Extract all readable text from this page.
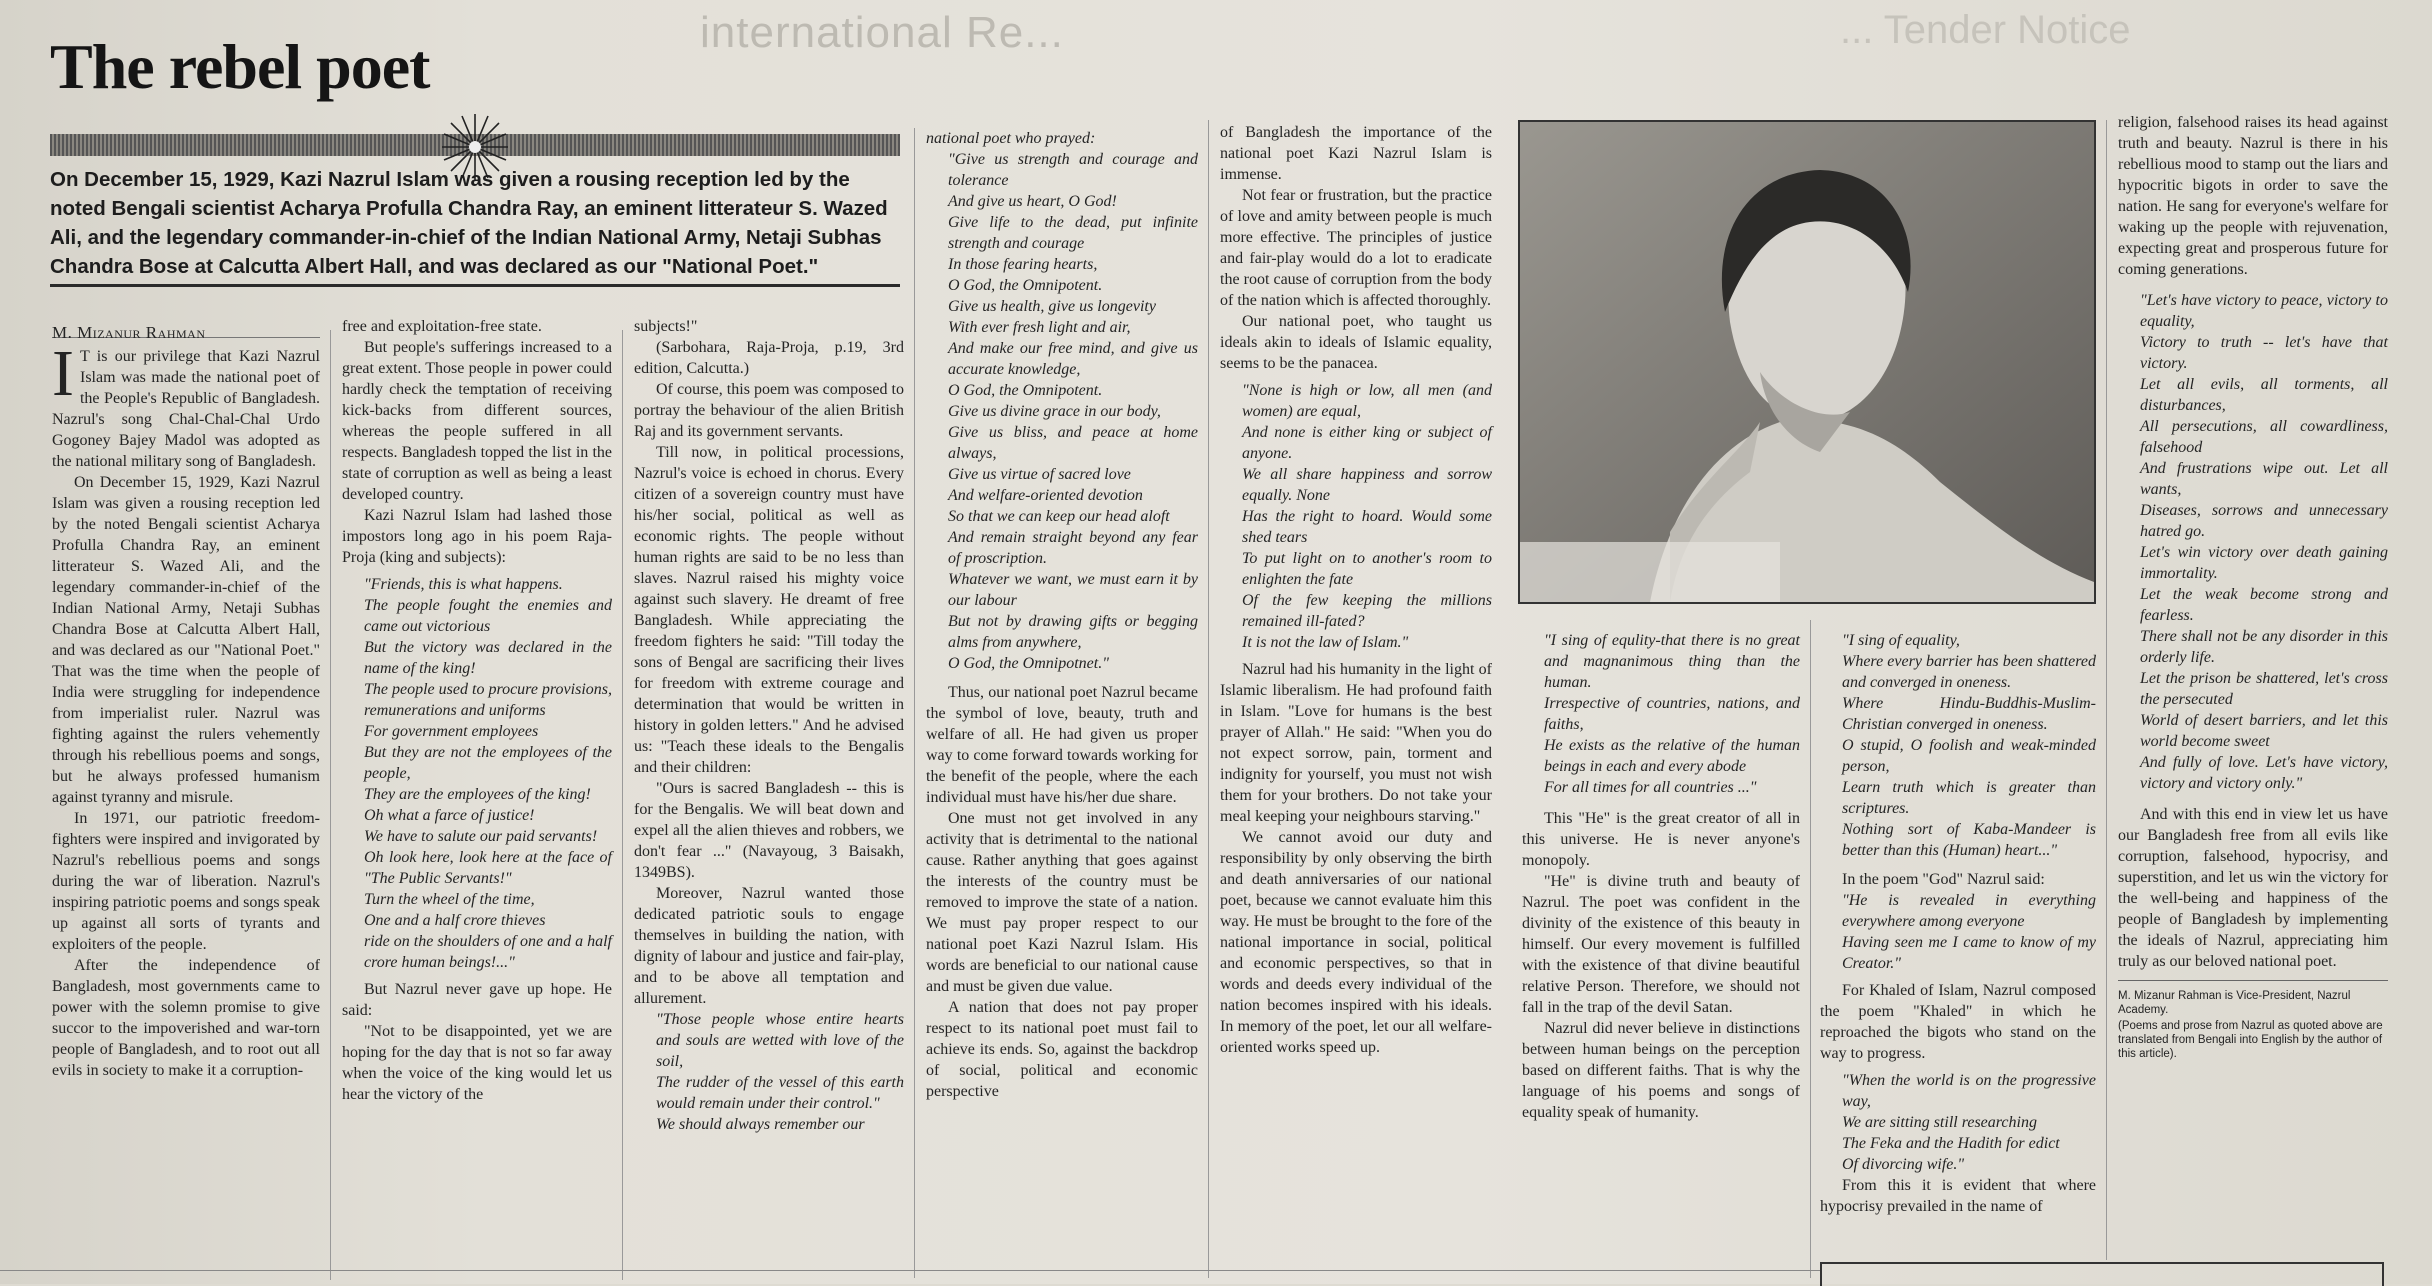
international Re...	... Tender Notice
The rebel poet
On December 15, 1929, Kazi Nazrul Islam was given a rousing reception led by the noted Bengali scientist Acharya Profulla Chandra Ray, an eminent litterateur S. Wazed Ali, and the legendary commander-in-chief of the Indian National Army, Netaji Subhas Chandra Bose at Calcutta Albert Hall, and was declared as our "National Poet."

M. Mizanur Rahman

I T is our privilege that Kazi Nazrul Islam was made the national poet of the People's Republic of Bangladesh. Nazrul's song Chal-Chal-Chal Urdo Gogoney Bajey Madol was adopted as the national military song of Bangladesh.

On December 15, 1929, Kazi Nazrul Islam was given a rousing reception led by the noted Bengali scientist Acharya Profulla Chandra Ray, an eminent litterateur S. Wazed Ali, and the legendary commander-in-chief of the Indian National Army, Netaji Subhas Chandra Bose at Calcutta Albert Hall, and was declared as our "National Poet." That was the time when the people of India were struggling for independence from imperialist ruler. Nazrul was fighting against the rulers vehemently through his rebellious poems and songs, but he always professed humanism against tyranny and misrule.

In 1971, our patriotic freedom-fighters were inspired and invigorated by Nazrul's rebellious poems and songs during the war of liberation. Nazrul's inspiring patriotic poems and songs speak up against all sorts of tyrants and exploiters of the people.

After the independence of Bangladesh, most governments came to power with the solemn promise to give succor to the impoverished and war-torn people of Bangladesh, and to root out all evils in society to make it a corruption-

free and exploitation-free state.

But people's sufferings increased to a great extent. Those people in power could hardly check the temptation of receiving kick-backs from different sources, whereas the people suffered in all respects. Bangladesh topped the list in the state of corruption as well as being a least developed country.

Kazi Nazrul Islam had lashed those impostors long ago in his poem Raja-Proja (king and subjects):

"Friends, this is what happens.

The people fought the enemies and came out victorious

But the victory was declared in the name of the king!

The people used to procure provisions, remunerations and uniforms

For government employees

But they are not the employees of the people,

They are the employees of the king!

Oh what a farce of justice!

We have to salute our paid servants!

Oh look here, look here at the face of "The Public Servants!"

Turn the wheel of the time,

One and a half crore thieves

ride on the shoulders of one and a half crore human beings!..."

But Nazrul never gave up hope. He said:

"Not to be disappointed, yet we are hoping for the day that is not so far away when the voice of the king would let us hear the victory of the

subjects!"

(Sarbohara, Raja-Proja, p.19, 3rd edition, Calcutta.)

Of course, this poem was composed to portray the behaviour of the alien British Raj and its government servants.

Till now, in political processions, Nazrul's voice is echoed in chorus. Every citizen of a sovereign country must have his/her social, political as well as economic rights. The people without human rights are said to be no less than slaves. Nazrul raised his mighty voice against such slavery. He dreamt of free Bangladesh. While appreciating the freedom fighters he said: "Till today the sons of Bengal are sacrificing their lives for freedom with extreme courage and determination that would be written in history in golden letters." And he advised us: "Teach these ideals to the Bengalis and their children:

"Ours is sacred Bangladesh -- this is for the Bengalis. We will beat down and expel all the alien thieves and robbers, we don't fear ..." (Navayoug, 3 Baisakh, 1349BS).

Moreover, Nazrul wanted those dedicated patriotic souls to engage themselves in building the nation, with dignity of labour and justice and fair-play, and to be above all temptation and allurement.

"Those people whose entire hearts and souls are wetted with love of the soil,

The rudder of the vessel of this earth would remain under their control."

We should always remember our

national poet who prayed:

"Give us strength and courage and tolerance

And give us heart, O God!

Give life to the dead, put infinite strength and courage

In those fearing hearts,

O God, the Omnipotent.

Give us health, give us longevity

With ever fresh light and air,

And make our free mind, and give us accurate knowledge,

O God, the Omnipotent.

Give us divine grace in our body,

Give us bliss, and peace at home always,

Give us virtue of sacred love

And welfare-oriented devotion

So that we can keep our head aloft

And remain straight beyond any fear of proscription.

Whatever we want, we must earn it by our labour

But not by drawing gifts or begging alms from anywhere,

O God, the Omnipotnet."

Thus, our national poet Nazrul became the symbol of love, beauty, truth and welfare of all. He had given us proper way to come forward towards working for the benefit of the people, where the each individual must have his/her due share.

One must not get involved in any activity that is detrimental to the national cause. Rather anything that goes against the interests of the country must be removed to improve the state of a nation. We must pay proper respect to our national poet Kazi Nazrul Islam. His words are beneficial to our national cause and must be given due value.

A nation that does not pay proper respect to its national poet must fail to achieve its ends. So, against the backdrop of social, political and economic perspective

of Bangladesh the importance of the national poet Kazi Nazrul Islam is immense.

Not fear or frustration, but the practice of love and amity between people is much more effective. The principles of justice and fair-play would do a lot to eradicate the root cause of corruption from the body of the nation which is affected thoroughly.

Our national poet, who taught us ideals akin to ideals of Islamic equality, seems to be the panacea.

"None is high or low, all men (and women) are equal,

And none is either king or subject of anyone.

We all share happiness and sorrow equally. None

Has the right to hoard. Would some shed tears

To put light on to another's room to enlighten the fate

Of the few keeping the millions remained ill-fated?

It is not the law of Islam."

Nazrul had his humanity in the light of Islamic liberalism. He had profound faith in Islam. "Love for humans is the best prayer of Allah." He said: "When you do not expect sorrow, pain, torment and indignity for yourself, you must not wish them for your brothers. Do not take your meal keeping your neighbours starving."

We cannot avoid our duty and responsibility by only observing the birth and death anniversaries of our national poet, because we cannot evaluate him this way. He must be brought to the fore of the national importance in social, political and economic perspectives, so that in words and deeds every individual of the nation becomes inspired with his ideals. In memory of the poet, let our all welfare-oriented works speed up.

"I sing of equlity-that there is no great and magnanimous thing than the human.

Irrespective of countries, nations, and faiths,

He exists as the relative of the human beings in each and every abode

For all times for all countries ..."

This "He" is the great creator of all in this universe. He is never anyone's monopoly.

"He" is divine truth and beauty of Nazrul. The poet was confident in the divinity of the existence of this beauty in himself. Our every movement is fulfilled with the existence of that divine beautiful relative Person. Therefore, we should not fall in the trap of the devil Satan.

Nazrul did never believe in distinctions between human beings on the perception based on different faiths. That is why the language of his poems and songs of equality speak of humanity.

"I sing of equality,

Where every barrier has been shattered and converged in oneness.

Where Hindu-Buddhis-Muslim-Christian converged in oneness.

O stupid, O foolish and weak-minded person,

Learn truth which is greater than scriptures.

Nothing sort of Kaba-Mandeer is better than this (Human) heart..."

In the poem "God" Nazrul said:

"He is revealed in everything everywhere among everyone

Having seen me I came to know of my Creator."

For Khaled of Islam, Nazrul composed the poem "Khaled" in which he reproached the bigots who stand on the way to progress.

"When the world is on the progressive way,

We are sitting still researching

The Feka and the Hadith for edict

Of divorcing wife."

From this it is evident that where hypocrisy prevailed in the name of

religion, falsehood raises its head against truth and beauty. Nazrul is there in his rebellious mood to stamp out the liars and hypocritic bigots in order to save the nation. He sang for everyone's welfare for waking up the people with rejuvenation, expecting great and prosperous future for coming generations.

"Let's have victory to peace, victory to equality,

Victory to truth -- let's have that victory.

Let all evils, all torments, all disturbances,

All persecutions, all cowardliness, falsehood

And frustrations wipe out. Let all wants,

Diseases, sorrows and unnecessary hatred go.

Let's win victory over death gaining immortality.

Let the weak become strong and fearless.

There shall not be any disorder in this orderly life.

Let the prison be shattered, let's cross the persecuted

World of desert barriers, and let this world become sweet

And fully of love. Let's have victory, victory and victory only."

And with this end in view let us have our Bangladesh free from all evils like corruption, falsehood, hypocrisy, and superstition, and let us win the victory for the well-being and happiness of the people of Bangladesh by implementing the ideals of Nazrul, appreciating him truly as our beloved national poet.

M. Mizanur Rahman is Vice-President, Nazrul Academy.
(Poems and prose from Nazrul as quoted above are translated from Bengali into English by the author of this article).
